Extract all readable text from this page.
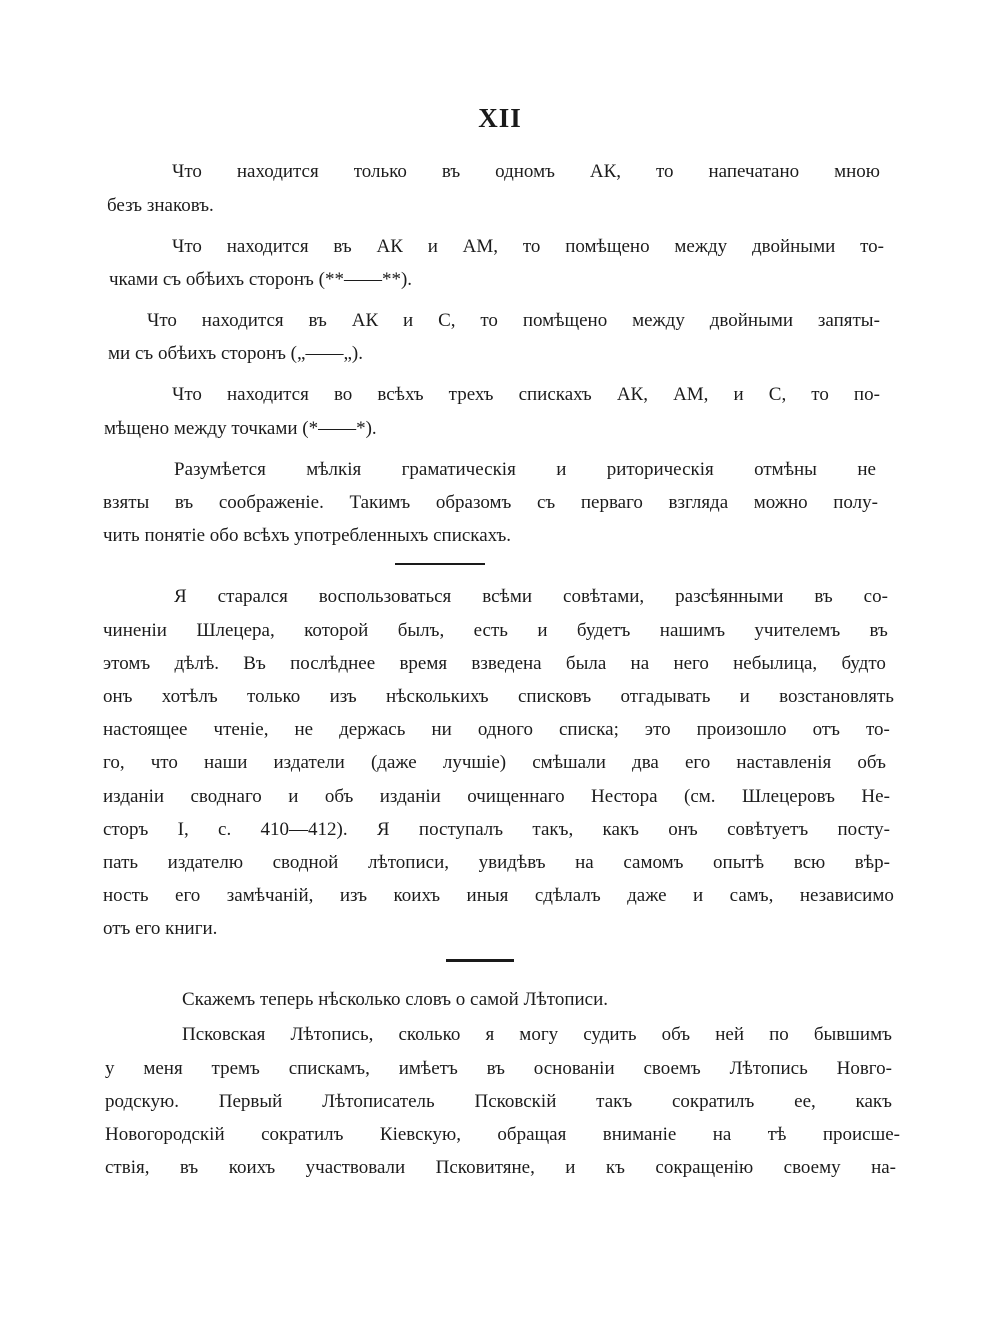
XII
Что находится только въ одномъ АК, то напечатано мною
безъ знаковъ.
Что находится въ АК и АМ, то помѣщено между двойными то-
чками съ обѣихъ сторонъ (**——**).
Что находится въ АК и С, то помѣщено между двойными запяты-
ми съ обѣихъ сторонъ („——„).
Что находится во всѣхъ трехъ спискахъ АК, АМ, и С, то по-
мѣщено между точками (*——*).
Разумѣется мѣлкія граматическія и риторическія отмѣны не
взяты въ соображеніе. Такимъ образомъ съ перваго взгляда можно полу-
чить понятіе обо всѣхъ употребленныхъ спискахъ.
Я старался воспользоваться всѣми совѣтами, разсѣянными въ со-
чиненіи Шлецера, которой былъ, есть и будетъ нашимъ учителемъ въ
этомъ дѣлѣ. Въ послѣднее время взведена была на него небылица, будто
онъ хотѣлъ только изъ нѣсколькихъ списковъ отгадывать и возстановлять
настоящее чтеніе, не держась ни одного списка; это произошло отъ то-
го, что наши издатели (даже лучшіе) смѣшали два его наставленія объ
изданіи своднаго и объ изданіи очищеннаго Нестора (см. Шлецеровъ Не-
сторъ I, с. 410—412). Я поступалъ такъ, какъ онъ совѣтуетъ посту-
пать издателю сводной лѣтописи, увидѣвъ на самомъ опытѣ всю вѣр-
ность его замѣчаній, изъ коихъ иныя сдѣлалъ даже и самъ, независимо
отъ его книги.
Скажемъ теперь нѣсколько словъ о самой Лѣтописи.
Псковская Лѣтопись, сколько я могу судить объ ней по бывшимъ
у меня тремъ спискамъ, имѣетъ въ основаніи своемъ Лѣтопись Новго-
родскую. Первый Лѣтописатель Псковскій такъ сократилъ ее, какъ
Новогородскій сократилъ Кіевскую, обращая вниманіе на тѣ происше-
ствія, въ коихъ участвовали Псковитяне, и къ сокращенію своему на-
